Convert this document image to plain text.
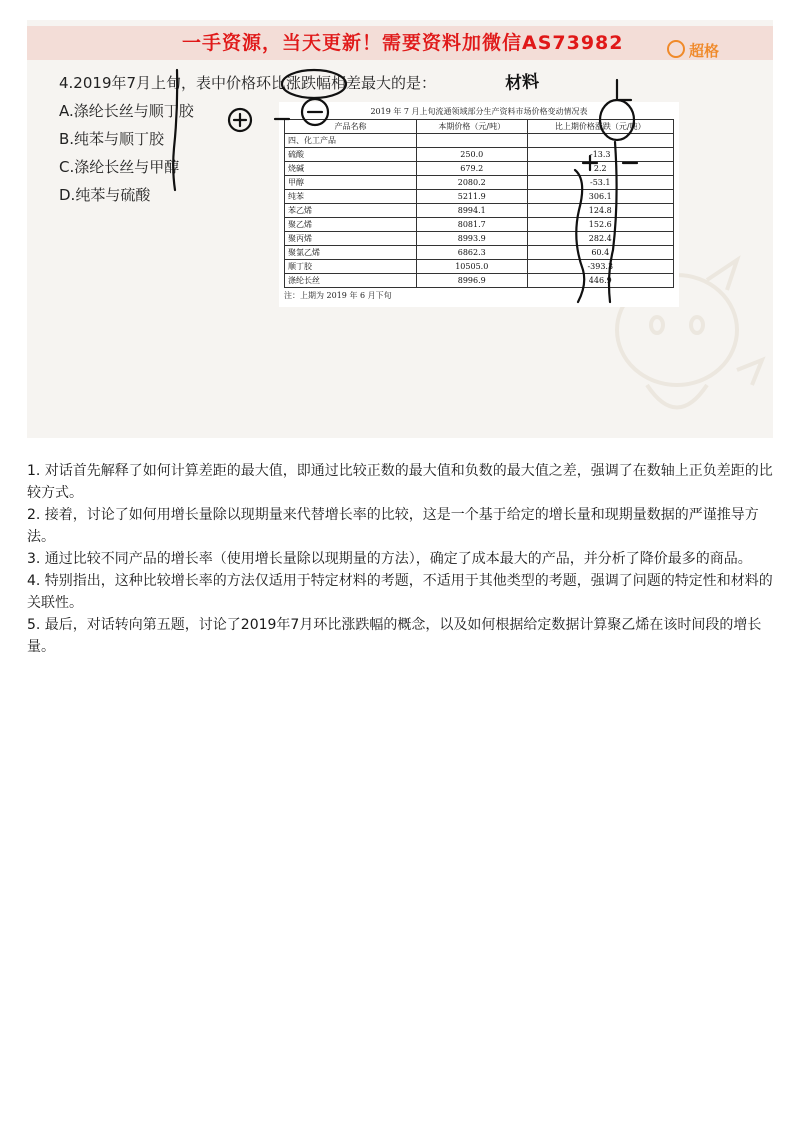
一手资源，当天更新！需要资料加微信AS73982	超格
4.2019年7月上旬，表中价格环比涨跌幅相差最大的是：
A.涤纶长丝与顺丁胶
B.纯苯与顺丁胶
C.涤纶长丝与甲醇
D.纯苯与硫酸
材料
2019 年 7 月上旬流通领域部分生产资料市场价格变动情况表
产品名称	本期价格（元/吨）	比上期价格涨跌（元/吨）
四、化工产品		
硫酸	250.0	-13.3
烧碱	679.2	2.2
甲醇	2080.2	-53.1
纯苯	5211.9	306.1
苯乙烯	8994.1	124.8
聚乙烯	8081.7	152.6
聚丙烯	8993.9	282.4
聚氯乙烯	6862.3	60.4
顺丁胶	10505.0	-393.3
涤纶长丝	8996.9	446.9
注：上期为 2019 年 6 月下旬

1. 对话首先解释了如何计算差距的最大值，即通过比较正数的最大值和负数的最大值之差，强调了在数轴上正负差距的比较方式。

2. 接着，讨论了如何用增长量除以现期量来代替增长率的比较，这是一个基于给定的增长量和现期量数据的严谨推导方法。

3. 通过比较不同产品的增长率（使用增长量除以现期量的方法），确定了成本最大的产品，并分析了降价最多的商品。

4. 特别指出，这种比较增长率的方法仅适用于特定材料的考题，不适用于其他类型的考题，强调了问题的特定性和材料的关联性。

5. 最后，对话转向第五题，讨论了2019年7月环比涨跌幅的概念，以及如何根据给定数据计算聚乙烯在该时间段的增长量。
